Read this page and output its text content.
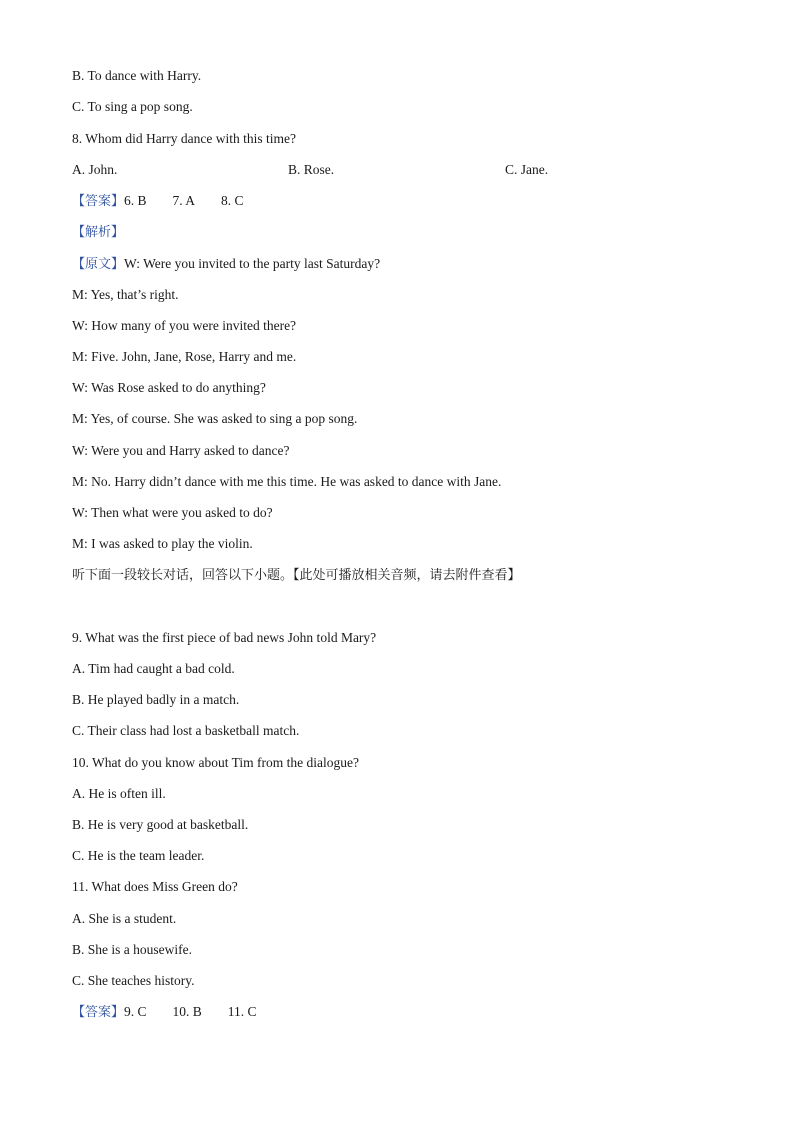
B. To dance with Harry.
C. To sing a pop song.
8. Whom did Harry dance with this time?
A. John.	B. Rose.	C. Jane.
【答案】6. B 7. A 8. C
【解析】
【原文】W: Were you invited to the party last Saturday?
M: Yes, that’s right.
W: How many of you were invited there?
M: Five. John, Jane, Rose, Harry and me.
W: Was Rose asked to do anything?
M: Yes, of course. She was asked to sing a pop song.
W: Were you and Harry asked to dance?
M: No. Harry didn’t dance with me this time. He was asked to dance with Jane.
W: Then what were you asked to do?
M: I was asked to play the violin.
听下面一段较长对话，回答以下小题。【此处可播放相关音频，请去附件查看】
9. What was the first piece of bad news John told Mary?
A. Tim had caught a bad cold.
B. He played badly in a match.
C. Their class had lost a basketball match.
10. What do you know about Tim from the dialogue?
A. He is often ill.
B. He is very good at basketball.
C. He is the team leader.
11. What does Miss Green do?
A. She is a student.
B. She is a housewife.
C. She teaches history.
【答案】9. C 10. B 11. C
